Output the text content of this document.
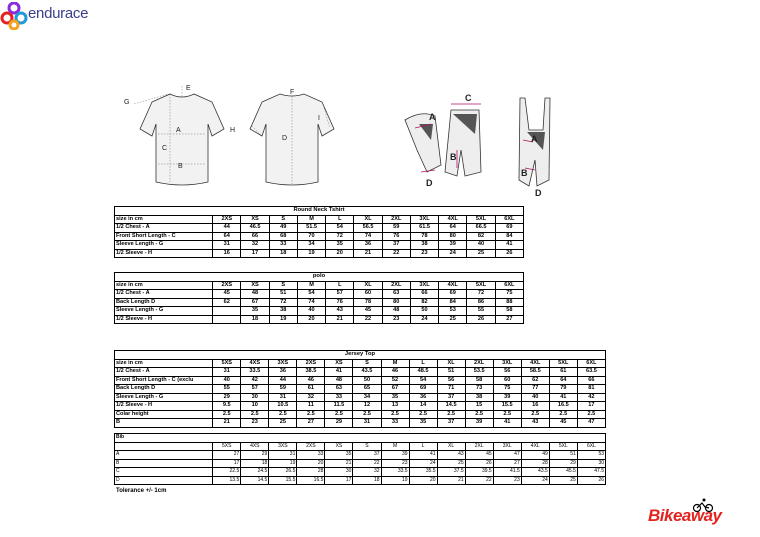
endurace
E
G
A
C
B
F
H
D
I	A
C
B
D
A
B
D
Round Neck Tshirt											
size in cm	2XS	XS	S	M	L	XL	2XL	3XL	4XL	5XL	6XL
1/2 Chest - A	44	46.5	49	51.5	54	56.5	59	61.5	64	66.5	69
Front Short Length - C	64	66	68	70	72	74	76	78	80	82	84
Sleeve Length - G	31	32	33	34	35	36	37	38	39	40	41
1/2 Sleeve - H	16	17	18	19	20	21	22	23	24	25	26
polo											
size in cm	2XS	XS	S	M	L	XL	2XL	3XL	4XL	5XL	6XL
1/2 Chest - A	45	48	51	54	57	60	63	66	69	72	75
Back Length D	62	67	72	74	76	78	80	82	84	86	88
Sleeve Length - G		35	38	40	43	45	48	50	53	55	58
1/2 Sleeve - H		18	19	20	21	22	23	24	25	26	27
Jersey Top														
size in cm	5XS	4XS	3XS	2XS	XS	S	M	L	XL	2XL	3XL	4XL	5XL	6XL
1/2 Chest - A	31	33.5	36	38.5	41	43.5	46	48.5	51	53.5	56	58.5	61	63.5
Front Short Length - C (exclu	40	42	44	46	48	50	52	54	56	58	60	62	64	66
Back Length D	55	57	59	61	63	65	67	69	71	73	75	77	79	81
Sleeve Length - G	29	30	31	32	33	34	35	36	37	38	39	40	41	42
1/2 Sleeve - H	9.5	10	10.5	11	11.5	12	13	14	14.5	15	15.5	16	16.5	17
Colar height	2.5	2.5	2.5	2.5	2.5	2.5	2.5	2.5	2.5	2.5	2.5	2.5	2.5	2.5
B	21	23	25	27	29	31	33	35	37	39	41	43	45	47
Bib														
	5XS	4XS	3XS	2XS	XS	S	M	L	XL	2XL	3XL	4XL	5XL	6XL
A	27	29	31	33	35	37	39	41	43	45	47	49	51	53
B	17	18	19	20	21	22	23	24	25	26	27	28	29	30
C	22.5	24.5	26.5	28	30	32	33.5	35.5	37.5	39.5	41.5	43.5	45.5	47.5
D	13.5	14.5	15.5	16.5	17	18	19	20	21	22	23	24	25	26
Tolerance +/- 1cm
Bikeaway
